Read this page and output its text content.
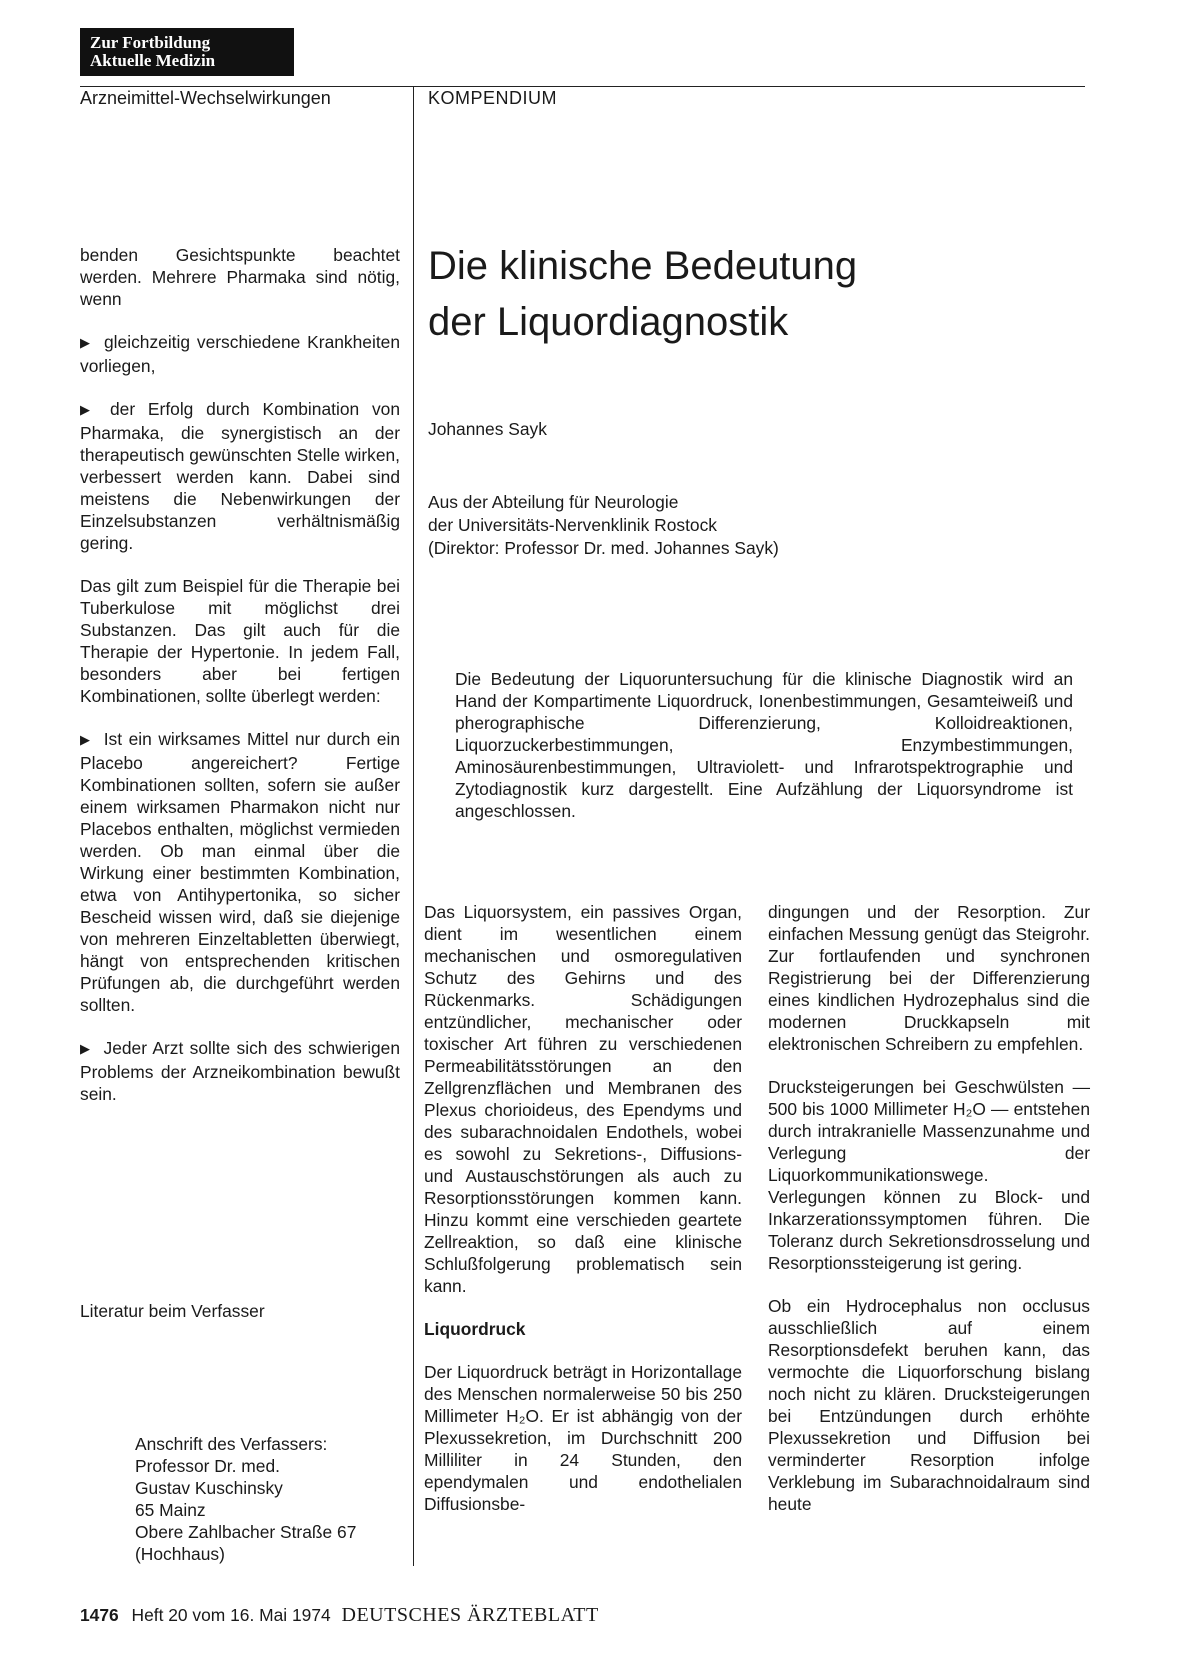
Zur Fortbildung
Aktuelle Medizin
Arzneimittel-Wechselwirkungen	KOMPENDIUM

benden Gesichtspunkte beachtet werden. Mehrere Pharmaka sind nötig, wenn

▶ gleichzeitig verschiedene Krankheiten vorliegen,

▶ der Erfolg durch Kombination von Pharmaka, die synergistisch an der therapeutisch gewünschten Stelle wirken, verbessert werden kann. Dabei sind meistens die Nebenwirkungen der Einzelsubstanzen verhältnismäßig gering.

Das gilt zum Beispiel für die Therapie bei Tuberkulose mit möglichst drei Substanzen. Das gilt auch für die Therapie der Hypertonie. In jedem Fall, besonders aber bei fertigen Kombinationen, sollte überlegt werden:

▶ Ist ein wirksames Mittel nur durch ein Placebo angereichert? Fertige Kombinationen sollten, sofern sie außer einem wirksamen Pharmakon nicht nur Placebos enthalten, möglichst vermieden werden. Ob man einmal über die Wirkung einer bestimmten Kombination, etwa von Antihypertonika, so sicher Bescheid wissen wird, daß sie diejenige von mehreren Einzeltabletten überwiegt, hängt von entsprechenden kritischen Prüfungen ab, die durchgeführt werden sollten.

▶ Jeder Arzt sollte sich des schwierigen Problems der Arzneikombination bewußt sein.

Literatur beim Verfasser
Anschrift des Verfassers:
Professor Dr. med.
Gustav Kuschinsky
65 Mainz
Obere Zahlbacher Straße 67
(Hochhaus)
Die klinische Bedeutung
der Liquordiagnostik
Johannes Sayk
Aus der Abteilung für Neurologie
der Universitäts-Nervenklinik Rostock
(Direktor: Professor Dr. med. Johannes Sayk)
Die Bedeutung der Liquoruntersuchung für die klinische Diagnostik wird an Hand der Kompartimente Liquordruck, Ionenbestimmungen, Gesamteiweiß und pherographische Differenzierung, Kolloidreaktionen, Liquorzuckerbestimmungen, Enzymbestimmungen, Aminosäurenbestimmungen, Ultraviolett- und Infrarotspektrographie und Zytodiagnostik kurz dargestellt. Eine Aufzählung der Liquorsyndrome ist angeschlossen.

Das Liquorsystem, ein passives Organ, dient im wesentlichen einem mechanischen und osmoregulativen Schutz des Gehirns und des Rückenmarks. Schädigungen entzündlicher, mechanischer oder toxischer Art führen zu verschiedenen Permeabilitätsstörungen an den Zellgrenzflächen und Membranen des Plexus chorioideus, des Ependyms und des subarachnoidalen Endothels, wobei es sowohl zu Sekretions-, Diffusions- und Austauschstörungen als auch zu Resorptionsstörungen kommen kann. Hinzu kommt eine verschieden geartete Zellreaktion, so daß eine klinische Schlußfolgerung problematisch sein kann.

Liquordruck

Der Liquordruck beträgt in Horizontallage des Menschen normalerweise 50 bis 250 Millimeter H₂O. Er ist abhängig von der Plexussekretion, im Durchschnitt 200 Milliliter in 24 Stunden, den ependymalen und endothelialen Diffusionsbe-

dingungen und der Resorption. Zur einfachen Messung genügt das Steigrohr. Zur fortlaufenden und synchronen Registrierung bei der Differenzierung eines kindlichen Hydrozephalus sind die modernen Druckkapseln mit elektronischen Schreibern zu empfehlen.

Drucksteigerungen bei Geschwülsten — 500 bis 1000 Millimeter H₂O — entstehen durch intrakranielle Massenzunahme und Verlegung der Liquorkommunikationswege. Verlegungen können zu Block- und Inkarzerationssymptomen führen. Die Toleranz durch Sekretionsdrosselung und Resorptionssteigerung ist gering.

Ob ein Hydrocephalus non occlusus ausschließlich auf einem Resorptionsdefekt beruhen kann, das vermochte die Liquorforschung bislang noch nicht zu klären. Drucksteigerungen bei Entzündungen durch erhöhte Plexussekretion und Diffusion bei verminderter Resorption infolge Verklebung im Subarachnoidalraum sind heute

1476 Heft 20 vom 16. Mai 1974 DEUTSCHES ÄRZTEBLATT
